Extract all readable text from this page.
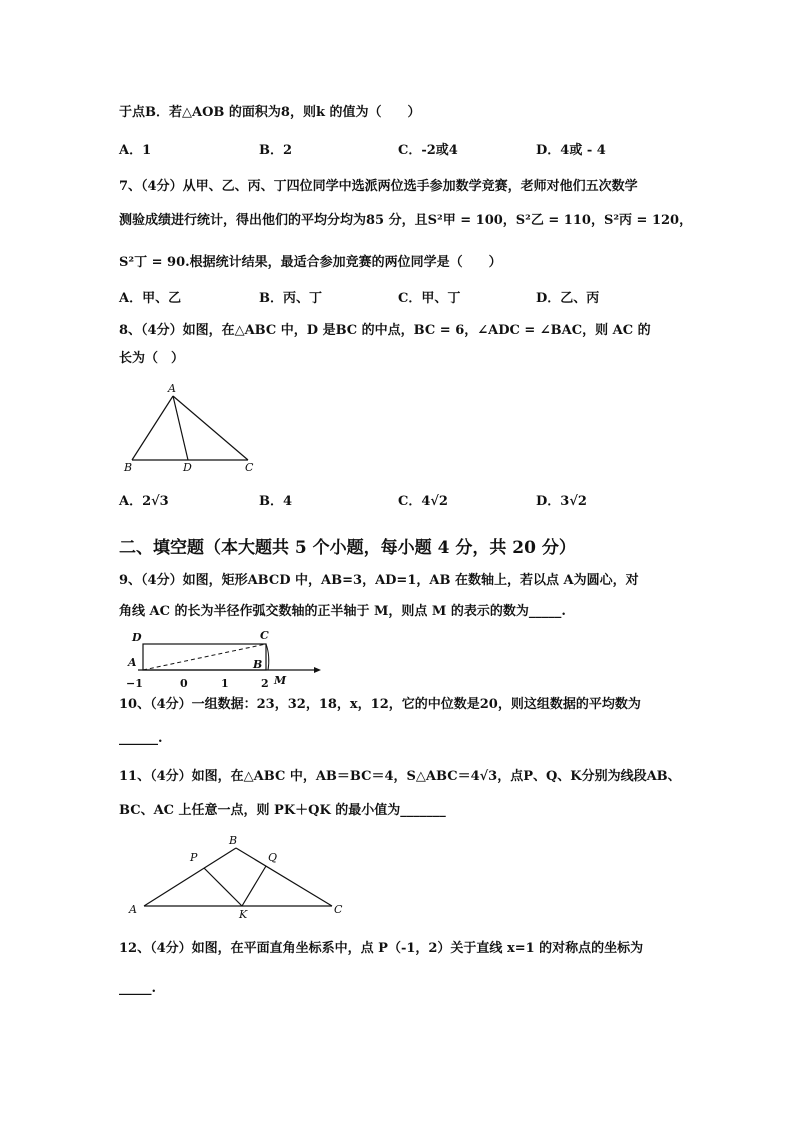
于点B．若△AOB 的面积为8，则k 的值为（　　）
A．1	B．2	C．-2或4	D．4或 - 4
7、（4分）从甲、乙、丙、丁四位同学中选派两位选手参加数学竞赛，老师对他们五次数学
测验成绩进行统计，得出他们的平均分均为85 分，且S²甲 = 100，S²乙 = 110，S²丙 = 120，
S²丁 = 90.根据统计结果，最适合参加竞赛的两位同学是（　　）
A．甲、乙	B．丙、丁	C．甲、丁	D．乙、丙
8、（4分）如图，在△ABC 中，D 是BC 的中点，BC = 6，∠ADC = ∠BAC，则 AC 的
长为（　）
A
B	D	C
A．2√3	B．4	C．4√2	D．3√2
二、填空题（本大题共 5 个小题，每小题 4 分，共 20 分）
9、（4分）如图，矩形ABCD 中，AB=3，AD=1，AB 在数轴上，若以点 A为圆心，对
角线 AC 的长为半径作弧交数轴的正半轴于 M，则点 M 的表示的数为_____.
D	C
A	B
M
−1	0	1	2
10、（4分）一组数据：23，32，18，x，12，它的中位数是20，则这组数据的平均数为
______.
11、（4分）如图，在△ABC 中，AB＝BC＝4，S△ABC＝4√3，点P、Q、K分别为线段AB、
BC、AC 上任意一点，则 PK＋QK 的最小值为_______
B
P	Q
A	K	C
12、（4分）如图，在平面直角坐标系中，点 P（-1，2）关于直线 x=1 的对称点的坐标为
_____.
